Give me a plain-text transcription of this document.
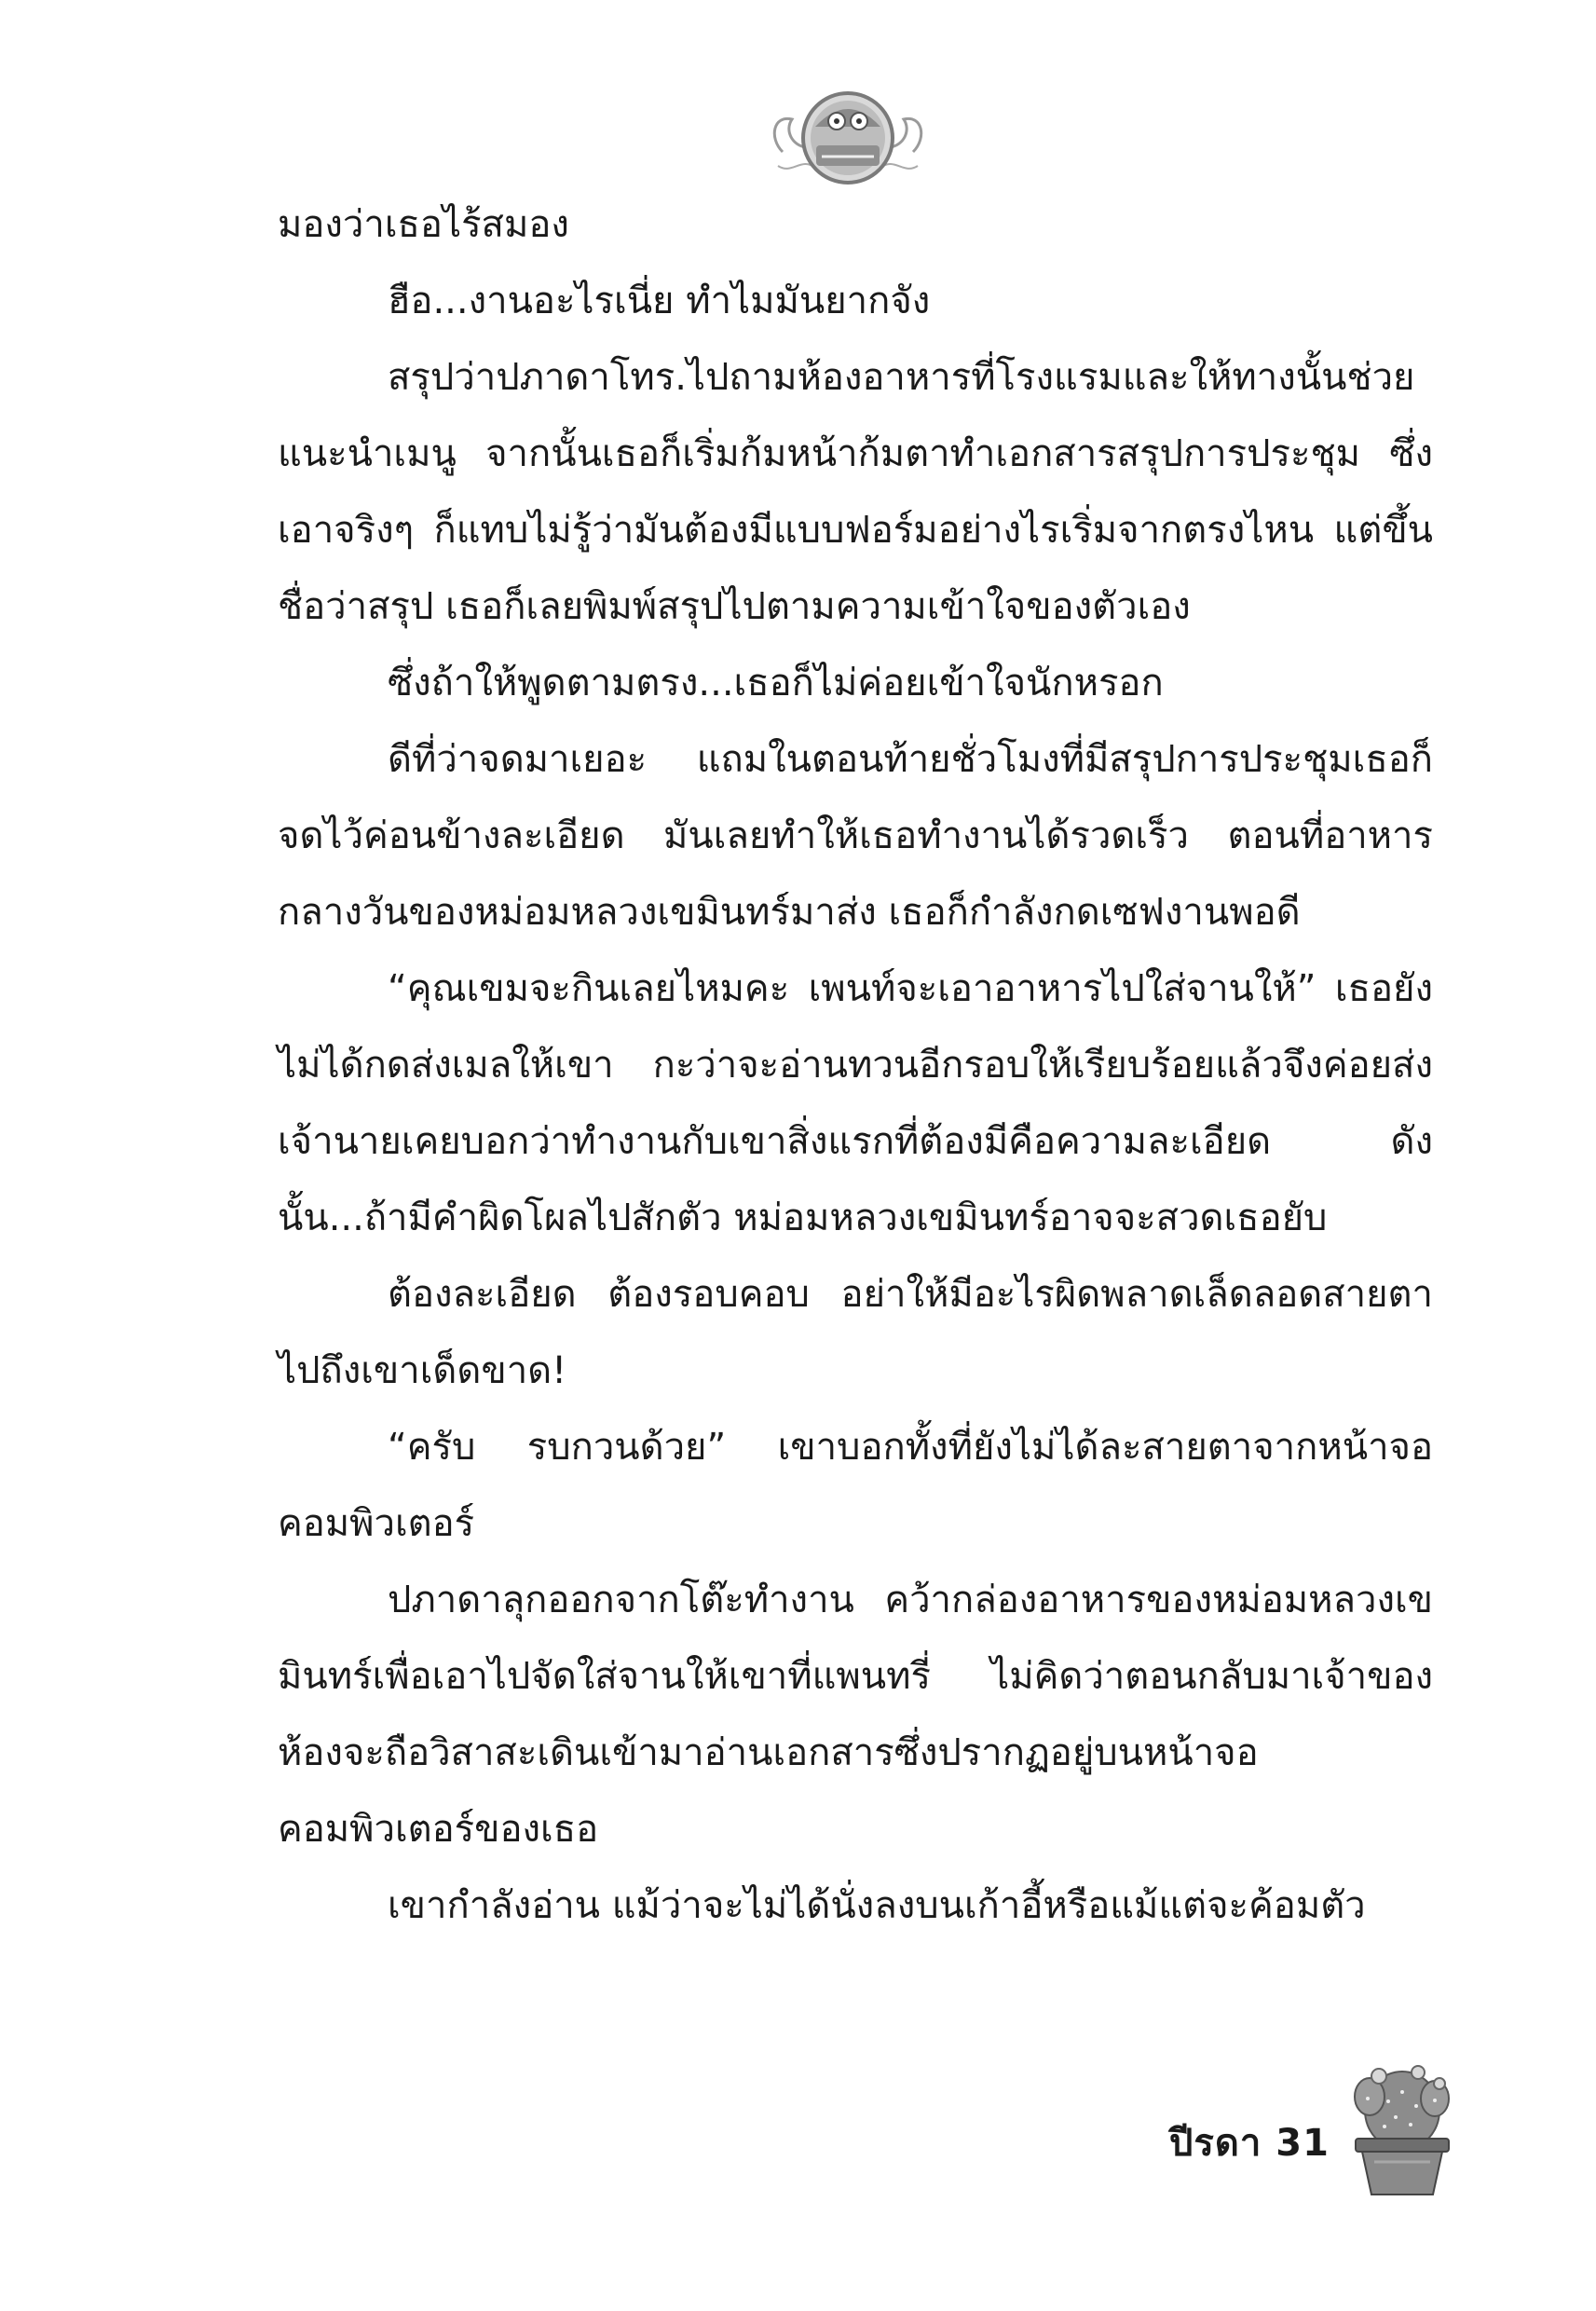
มองว่าเธอไร้สมอง

ฮือ...งานอะไรเนี่ย ทำไมมันยากจัง

สรุปว่าปภาดาโทร.ไปถามห้องอาหารที่โรงแรมและให้ทางนั้นช่วยแนะนำเมนู จากนั้นเธอก็เริ่มก้มหน้าก้มตาทำเอกสารสรุปการประชุม ซึ่งเอาจริงๆ ก็แทบไม่รู้ว่ามันต้องมีแบบฟอร์มอย่างไรเริ่มจากตรงไหน แต่ขึ้นชื่อว่าสรุป เธอก็เลยพิมพ์สรุปไปตามความเข้าใจของตัวเอง

ซึ่งถ้าให้พูดตามตรง...เธอก็ไม่ค่อยเข้าใจนักหรอก

ดีที่ว่าจดมาเยอะ แถมในตอนท้ายชั่วโมงที่มีสรุปการประชุมเธอก็จดไว้ค่อนข้างละเอียด มันเลยทำให้เธอทำงานได้รวดเร็ว ตอนที่อาหารกลางวันของหม่อมหลวงเขมินทร์มาส่ง เธอก็กำลังกดเซฟงานพอดี

“คุณเขมจะกินเลยไหมคะ เพนท์จะเอาอาหารไปใส่จานให้” เธอยังไม่ได้กดส่งเมลให้เขา กะว่าจะอ่านทวนอีกรอบให้เรียบร้อยแล้วจึงค่อยส่ง เจ้านายเคยบอกว่าทำงานกับเขาสิ่งแรกที่ต้องมีคือความละเอียด ดังนั้น...ถ้ามีคำผิดโผลไปสักตัว หม่อมหลวงเขมินทร์อาจจะสวดเธอยับ

ต้องละเอียด ต้องรอบคอบ อย่าให้มีอะไรผิดพลาดเล็ดลอดสายตาไปถึงเขาเด็ดขาด!

“ครับ รบกวนด้วย” เขาบอกทั้งที่ยังไม่ได้ละสายตาจากหน้าจอคอมพิวเตอร์

ปภาดาลุกออกจากโต๊ะทำงาน คว้ากล่องอาหารของหม่อมหลวงเขมินทร์เพื่อเอาไปจัดใส่จานให้เขาที่แพนทรี่ ไม่คิดว่าตอนกลับมาเจ้าของห้องจะถือวิสาสะเดินเข้ามาอ่านเอกสารซึ่งปรากฏอยู่บนหน้าจอคอมพิวเตอร์ของเธอ

เขากำลังอ่าน แม้ว่าจะไม่ได้นั่งลงบนเก้าอี้หรือแม้แต่จะค้อมตัว

ปีรดา 31
